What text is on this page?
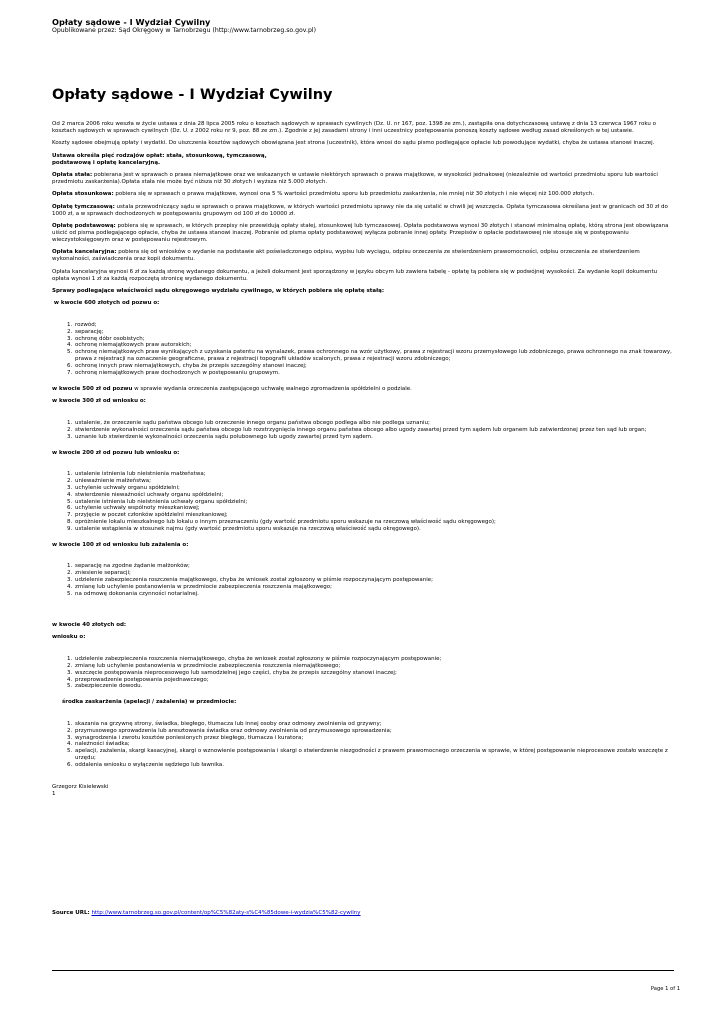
Opłaty sądowe - I Wydział Cywilny
Opublikowane przez: Sąd Okręgowy w Tarnobrzegu (http://www.tarnobrzeg.so.gov.pl)
Opłaty sądowe - I Wydział Cywilny

Od 2 marca 2006 roku weszła w życie ustawa z dnia 28 lipca 2005 roku o kosztach sądowych w sprawach cywilnych (Dz. U. nr 167, poz. 1398 ze zm.), zastąpiła ona dotychczasową ustawę z dnia 13 czerwca 1967 roku o kosztach sądowych w sprawach cywilnych (Dz. U. z 2002 roku nr 9, poz. 88 ze zm.). Zgodnie z jej zasadami strony i inni uczestnicy postępowania ponoszą koszty sądowe według zasad określonych w tej ustawie.

Koszty sądowe obejmują opłaty i wydatki. Do uiszczenia kosztów sądowych obowiązana jest strona (uczestnik), która wnosi do sądu pismo podlegające opłacie lub powodujące wydatki, chyba że ustawa stanowi inaczej.

Ustawa określa pięć rodzajów opłat: stała, stosunkową, tymczasową,
podstawową i opłatę kancelaryjną.

Opłata stała: pobierana jest w sprawach o prawa niemajątkowe oraz we wskazanych w ustawie niektórych sprawach o prawa majątkowe, w wysokości jednakowej (niezależnie od wartości przedmiotu sporu lub wartości przedmiotu zaskarżenia).Opłata stała nie może być niższa niż 30 złotych i wyższa niż 5.000 złotych.

Opłata stosunkowa: pobiera się w sprawach o prawa majątkowe, wynosi ona 5 % wartości przedmiotu sporu lub przedmiotu zaskarżenia, nie mniej niż 30 złotych i nie więcej niż 100.000 złotych.

Opłatę tymczasową: ustala przewodniczący sądu w sprawach o prawa majątkowe, w których wartości przedmiotu sprawy nie da się ustalić w chwili jej wszczęcia. Opłata tymczasowa określana jest w granicach od 30 zł do 1000 zł, a w sprawach dochodzonych w postępowaniu grupowym od 100 zł do 10000 zł.

Opłatę podstawową: pobiera się w sprawach, w których przepisy nie przewidują opłaty stałej, stosunkowej lub tymczasowej. Opłata podstawowa wynosi 30 złotych i stanowi minimalną opłatę, którą strona jest obowiązana uiścić od pisma podlegającego opłacie, chyba że ustawa stanowi inaczej. Pobranie od pisma opłaty podstawowej wyłącza pobranie innej opłaty. Przepisów o opłacie podstawowej nie stosuje się w postępowaniu wieczystoksięgowym oraz w postępowaniu rejestrowym.

Opłata kancelaryjna: pobiera się od wniosków o wydanie na podstawie akt poświadczonego odpisu, wypisu lub wyciągu, odpisu orzeczenia ze stwierdzeniem prawomocności, odpisu orzeczenia ze stwierdzeniem wykonalności, zaświadczenia oraz kopii dokumentu.

Opłata kancelaryjna wynosi 6 zł za każdą stronę wydanego dokumentu, a jeżeli dokument jest sporządzony w języku obcym lub zawiera tabelę - opłatę tą pobiera się w podwójnej wysokości. Za wydanie kopii dokumentu opłata wynosi 1 zł za każdą rozpoczętą stronicę wydanego dokumentu.

Sprawy podlegające właściwości sądu okręgowego wydziału cywilnego, w których pobiera się opłatę stałą:

w kwocie 600 złotych od pozwu o:

1. rozwód;
2. separację;
3. ochronę dóbr osobistych;
4. ochronę niemajątkowych praw autorskich;
5. ochronę niemajątkowych praw wynikających z uzyskania patentu na wynalazek, prawa ochronnego na wzór użytkowy, prawa z rejestracji wzoru przemysłowego lub zdobniczego, prawa ochronnego na znak towarowy, prawa z rejestracji na oznaczenie geograficzne, prawa z rejestracji topografii układów scalonych, prawa z rejestracji wzoru zdobniczego;
6. ochronę innych praw niemajątkowych, chyba że przepis szczególny stanowi inaczej;
7. ochronę niemajątkowych praw dochodzonych w postępowaniu grupowym.

w kwocie 500 zł od pozwu w sprawie wydania orzeczenia zastępującego uchwałę walnego zgromadzenia spółdzielni o podziale.

w kwocie 300 zł od wniosku o:

1. ustalenie, że orzeczenie sądu państwa obcego lub orzeczenie innego organu państwa obcego podlega albo nie podlega uznaniu;
2. stwierdzenie wykonalności orzeczenia sądu państwa obcego lub rozstrzygnięcia innego organu państwa obcego albo ugody zawartej przed tym sądem lub organem lub zatwierdzonej przez ten sąd lub organ;
3. uznanie lub stwierdzenie wykonalności orzeczenia sądu polubownego lub ugody zawartej przed tym sądem.

w kwocie 200 zł od pozwu lub wniosku o:

1. ustalenie istnienia lub nieistnienia małżeństwa;
2. unieważnienie małżeństwa;
3. uchylenie uchwały organu spółdzielni;
4. stwierdzenie nieważności uchwały organu spółdzielni;
5. ustalenie istnienia lub nieistnienia uchwały organu spółdzielni;
6. uchylenie uchwały wspólnoty mieszkaniowej;
7. przyjęcie w poczet członków spółdzielni mieszkaniowej;
8. opróżnienie lokalu mieszkalnego lub lokalu o innym przeznaczeniu (gdy wartość przedmiotu sporu wskazuje na rzeczową właściwość sądu okręgowego);
9. ustalenie wstąpienia w stosunek najmu (gdy wartość przedmiotu sporu wskazuje na rzeczową właściwość sądu okręgowego).

w kwocie 100 zł od wniosku lub zażalenia o:

1. separację na zgodne żądanie małżonków;
2. zniesienie separacji;
3. udzielenie zabezpieczenia roszczenia majątkowego, chyba że wniosek został zgłoszony w piśmie rozpoczynającym postępowanie;
4. zmianę lub uchylenie postanowienia w przedmiocie zabezpieczenia roszczenia majątkowego;
5. na odmowę dokonania czynności notarialnej.

w kwocie 40 złotych od:

wniosku o:

1. udzielenie zabezpieczenia roszczenia niemajątkowego, chyba że wniosek został zgłoszony w piśmie rozpoczynającym postępowanie;
2. zmianę lub uchylenie postanowienia w przedmiocie zabezpieczenia roszczenia niemajątkowego;
3. wszczęcie postępowania nieprocesowego lub samodzielnej jego części, chyba że przepis szczególny stanowi inaczej;
4. przeprowadzenie postępowania pojednawczego;
5. zabezpieczenie dowodu.

środka zaskarżenia (apelacji / zażalenia) w przedmiocie:

1. skazania na grzywnę strony, świadka, biegłego, tłumacza lub innej osoby oraz odmowy zwolnienia od grzywny;
2. przymusowego sprowadzenia lub aresztowania świadka oraz odmowy zwolnienia od przymusowego sprowadzenia;
3. wynagrodzenia i zwrotu kosztów poniesionych przez biegłego, tłumacza i kuratora;
4. należności świadka;
5. apelacji, zażalenia, skargi kasacyjnej, skargi o wznowienie postępowania i skargi o stwierdzenie niezgodności z prawem prawomocnego orzeczenia w sprawie, w której postępowanie nieprocesowe zostało wszczęte z urzędu;
6. oddalenia wniosku o wyłączenie sędziego lub ławnika.
Grzegorz Kisielewski
1
Source URL: http://www.tarnobrzeg.so.gov.pl/content/op%C5%82aty-s%C4%85dowe-i-wydzia%C5%82-cywilny
Page 1 of 1
